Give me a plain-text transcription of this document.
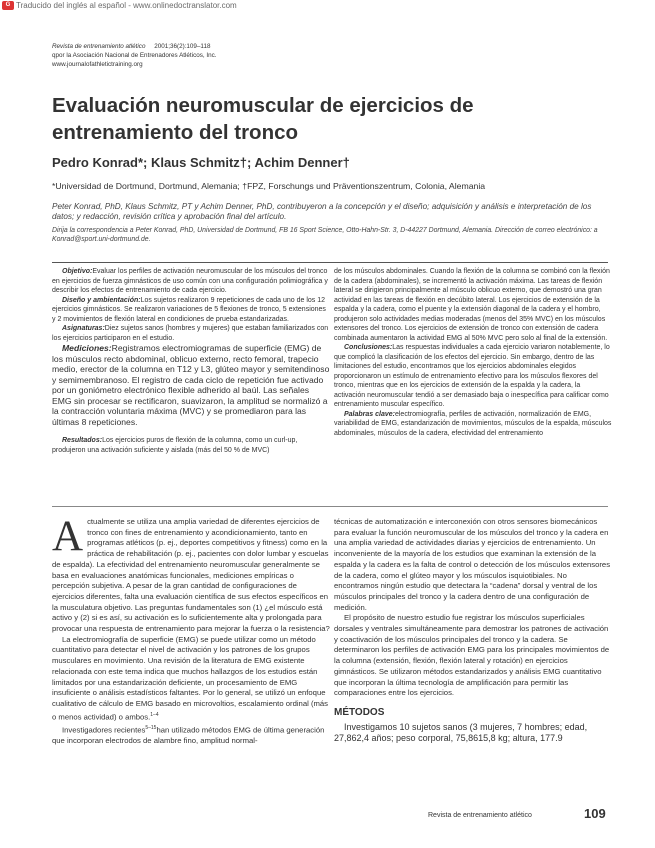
G Traducido del inglés al español - www.onlinedoctranslator.com
Revista de entrenamiento atlético 2001;36(2):109–118
qpor la Asociación Nacional de Entrenadores Atléticos, Inc.
www.journalofathletictraining.org
Evaluación neuromuscular de ejercicios de entrenamiento del tronco
Pedro Konrad*; Klaus Schmitz†; Achim Denner†
*Universidad de Dortmund, Dortmund, Alemania; †FPZ, Forschungs und Präventionszentrum, Colonia, Alemania
Peter Konrad, PhD, Klaus Schmitz, PT y Achim Denner, PhD, contribuyeron a la concepción y el diseño; adquisición y análisis e interpretación de los datos; y redacción, revisión crítica y aprobación final del artículo.
Dirija la correspondencia a Peter Konrad, PhD, Universidad de Dortmund, FB 16 Sport Science, Otto-Hahn-Str. 3, D-44227 Dortmund, Alemania. Dirección de correo electrónico: a Konrad@sport.uni-dortmund.de.

Objetivo:Evaluar los perfiles de activación neuromuscular de los músculos del tronco en ejercicios de fuerza gimnásticos de uso común con una configuración polimiográfica y describir los efectos de entrenamiento de cada ejercicio.

Diseño y ambientación:Los sujetos realizaron 9 repeticiones de cada uno de los 12 ejercicios gimnásticos. Se realizaron variaciones de 5 flexiones de tronco, 5 extensiones y 2 movimientos de flexión lateral en condiciones de prueba estandarizadas.

Asignaturas:Diez sujetos sanos (hombres y mujeres) que estaban familiarizados con los ejercicios participaron en el estudio.

Mediciones:Registramos electromiogramas de superficie (EMG) de los músculos recto abdominal, oblicuo externo, recto femoral, trapecio medio, erector de la columna en T12 y L3, glúteo mayor y semitendinoso y semimembranoso. El registro de cada ciclo de repetición fue activado por un goniómetro electrónico flexible adherido al baúl. Las señales EMG sin procesar se rectificaron, suavizaron, la amplitud se normalizó a la contracción voluntaria máxima (MVC) y se promediaron para las últimas 8 repeticiones.

Resultados:Los ejercicios puros de flexión de la columna, como un curl-up, produjeron una activación suficiente y aislada (más del 50 % de MVC)

de los músculos abdominales. Cuando la flexión de la columna se combinó con la flexión de la cadera (abdominales), se incrementó la activación máxima. Las tareas de flexión lateral se dirigieron principalmente al músculo oblicuo externo, que demostró una gran actividad en las tareas de flexión en decúbito lateral. Los ejercicios de extensión de la espalda y la cadera, como el puente y la extensión diagonal de la cadera y el hombro, produjeron solo actividades medias moderadas (menos del 35% MVC) en los músculos extensores del tronco. Los ejercicios de extensión de tronco con extensión de cadera combinada aumentaron la actividad EMG al 50% MVC pero solo al final de la extensión.

Conclusiones:Las respuestas individuales a cada ejercicio variaron notablemente, lo que complicó la clasificación de los efectos del ejercicio. Sin embargo, dentro de las limitaciones del estudio, encontramos que los ejercicios abdominales elegidos proporcionaron un estímulo de entrenamiento efectivo para los músculos flexores del tronco, mientras que en los ejercicios de extensión de la espalda y la cadera, la activación neuromuscular tendió a ser demasiado baja o inespecífica para calificar como entrenamiento muscular específico.

Palabras clave:electromiografía, perfiles de activación, normalización de EMG, variabilidad de EMG, estandarización de movimientos, músculos de la espalda, músculos abdominales, músculos de la cadera, efectividad del entrenamiento

Actualmente se utiliza una amplia variedad de diferentes ejercicios de tronco con fines de entrenamiento y acondicionamiento, tanto en programas atléticos (p. ej., deportes competitivos y fitness) como en la práctica de rehabilitación (p. ej., pacientes con dolor lumbar y escuelas de espalda). La efectividad del entrenamiento neuromuscular generalmente se basa en evaluaciones anatómicas funcionales, mediciones empíricas o percepción subjetiva. A pesar de la gran cantidad de configuraciones de ejercicios diferentes, falta una evaluación científica de sus efectos específicos en la musculatura objetivo. Las preguntas fundamentales son (1) ¿el músculo está activo y (2) si es así, su activación es lo suficientemente alta y prolongada para provocar una respuesta de entrenamiento para mejorar la fuerza o la resistencia?

La electromiografía de superficie (EMG) se puede utilizar como un método cuantitativo para detectar el nivel de activación y los patrones de los grupos musculares en movimiento. Una revisión de la literatura de EMG existente relacionada con este tema indica que muchos hallazgos de los estudios están limitados por una estandarización deficiente, un procesamiento de EMG insuficiente o análisis estadísticos faltantes. Por lo general, se utilizó un enfoque cualitativo de cálculo de EMG basado en microvoltios, escalamiento ordinal (más o menos actividad) o ambos.$^{1-4}$

Investigadores recientes$^{5-15}$han utilizado métodos EMG de última generación que incorporan electrodos de alambre fino, amplitud normal-

técnicas de automatización e interconexión con otros sensores biomecánicos para evaluar la función neuromuscular de los músculos del tronco y la cadera en una amplia variedad de actividades diarias y ejercicios de entrenamiento. Un inconveniente de la mayoría de los estudios que examinan la extensión de la espalda y la cadera es la falta de control o detección de los músculos extensores de la cadera, como el glúteo mayor y los músculos isquiotibiales. No encontramos ningún estudio que detectara la “cadena” dorsal y ventral de los músculos principales del tronco y la cadera dentro de una configuración de medición.

El propósito de nuestro estudio fue registrar los músculos superficiales dorsales y ventrales simultáneamente para demostrar los patrones de activación y coactivación de los músculos principales del tronco y la cadera. Se determinaron los perfiles de activación EMG para los principales movimientos de la columna (extensión, flexión, flexión lateral y rotación) en ejercicios gimnásticos. Se utilizaron métodos estandarizados y análisis EMG cuantitativo que incorporan la última tecnología de amplificación para permitir las comparaciones entre los ejercicios.

MÉTODOS

Investigamos 10 sujetos sanos (3 mujeres, 7 hombres; edad, 27,862,4 años; peso corporal, 75,8615,8 kg; altura, 177.9

Revista de entrenamiento atlético	109
